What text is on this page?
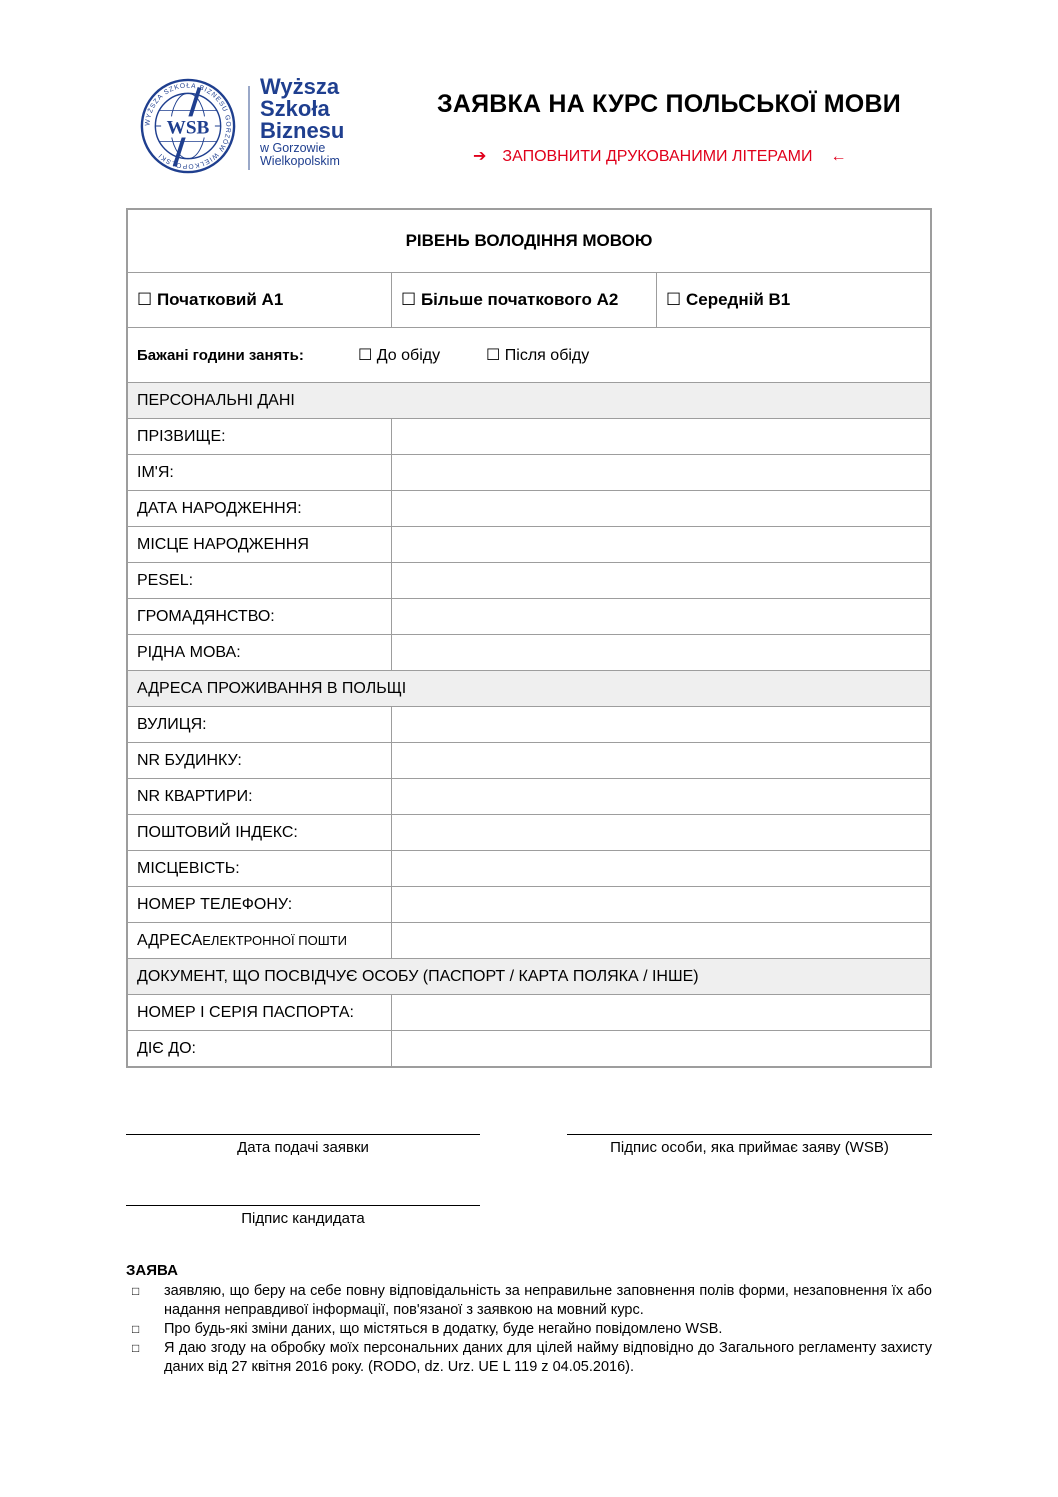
WSB
WYŻSZA SZKOŁA BIZNESU GORZÓW WIELKOPOLSKI
Wyższa
Szkoła
Biznesu
w Gorzowie
Wielkopolskim
ЗАЯВКА НА КУРС ПОЛЬСЬКОЇ МОВИ
➔ ЗАПОВНИТИ ДРУКОВАНИМИ ЛІТЕРАМИ ←
РІВЕНЬ ВОЛОДІННЯ МОВОЮ
☐ Початковий A1	☐ Більше початкового A2	☐ Середній B1
Бажані години занять:	☐ До обіду	☐ Після обіду
ПЕРСОНАЛЬНІ ДАНІ
ПРІЗВИЩЕ:
ІМ'Я:
ДАТА НАРОДЖЕННЯ:
МІСЦЕ НАРОДЖЕННЯ
PESEL:
ГРОМАДЯНСТВО:
РІДНА МОВА:
АДРЕСА ПРОЖИВАННЯ В ПОЛЬЩІ
ВУЛИЦЯ:
NR БУДИНКУ:
NR КВАРТИРИ:
ПОШТОВИЙ ІНДЕКС:
МІСЦЕВІСТЬ:
НОМЕР ТЕЛЕФОНУ:
АДРЕСА ЕЛЕКТРОННОЇ ПОШТИ
ДОКУМЕНТ, ЩО ПОСВІДЧУЄ ОСОБУ (ПАСПОРТ / КАРТА ПОЛЯКА / ІНШЕ)
НОМЕР І СЕРІЯ ПАСПОРТА:
ДІЄ ДО:
Дата подачі заявки	Підпис особи, яка приймає заяву (WSB)
Підпис кандидата
ЗАЯВА
□	заявляю, що беру на себе повну відповідальність за неправильне заповнення полів форми, незаповнення їх або надання неправдивої інформації, пов'язаної з заявкою на мовний курс.
□	Про будь-які зміни даних, що містяться в додатку, буде негайно повідомлено WSB.
□	Я даю згоду на обробку моїх персональних даних для цілей найму відповідно до Загального регламенту захисту даних від 27 квітня 2016 року. (RODO, dz. Urz. UE L 119 z 04.05.2016).
